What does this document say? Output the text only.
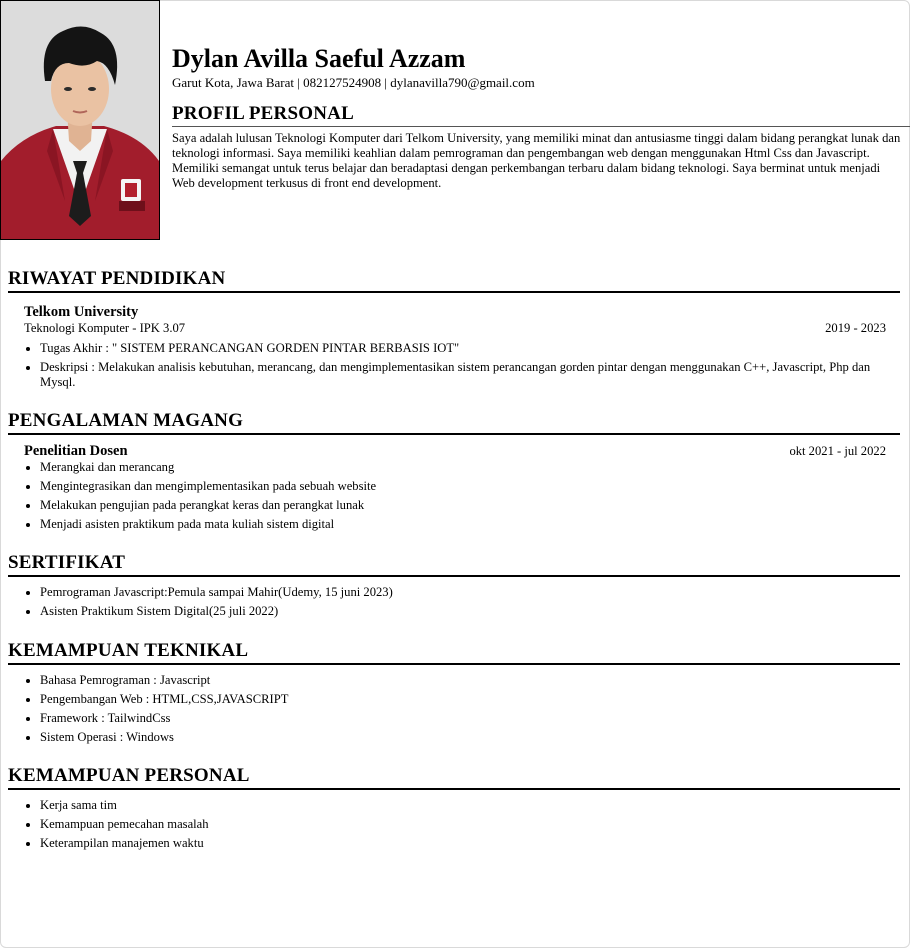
Dylan Avilla Saeful Azzam
Garut Kota, Jawa Barat | 082127524908 | dylanavilla790@gmail.com
PROFIL PERSONAL
Saya adalah lulusan Teknologi Komputer dari Telkom University, yang memiliki minat dan antusiasme tinggi dalam bidang perangkat lunak dan teknologi informasi. Saya memiliki keahlian dalam pemrograman dan pengembangan web dengan menggunakan Html Css dan Javascript. Memiliki semangat untuk terus belajar dan beradaptasi dengan perkembangan terbaru dalam bidang teknologi. Saya berminat untuk menjadi Web development terkusus di front end development.
RIWAYAT PENDIDIKAN
Telkom University
Teknologi Komputer - IPK 3.07	2019 - 2023
• Tugas Akhir : " SISTEM PERANCANGAN GORDEN PINTAR BERBASIS IOT"
• Deskripsi : Melakukan analisis kebutuhan, merancang, dan mengimplementasikan sistem perancangan gorden pintar dengan menggunakan C++, Javascript, Php dan Mysql.
PENGALAMAN MAGANG
Penelitian Dosen	okt 2021 - jul 2022
• Merangkai dan merancang
• Mengintegrasikan dan mengimplementasikan pada sebuah website
• Melakukan pengujian pada perangkat keras dan perangkat lunak
• Menjadi asisten praktikum pada mata kuliah sistem digital
SERTIFIKAT
• Pemrograman Javascript:Pemula sampai Mahir(Udemy, 15 juni 2023)
• Asisten Praktikum Sistem Digital(25 juli 2022)
KEMAMPUAN TEKNIKAL
• Bahasa Pemrograman : Javascript
• Pengembangan Web : HTML,CSS,JAVASCRIPT
• Framework : TailwindCss
• Sistem Operasi : Windows
KEMAMPUAN PERSONAL
• Kerja sama tim
• Kemampuan pemecahan masalah
• Keterampilan manajemen waktu
